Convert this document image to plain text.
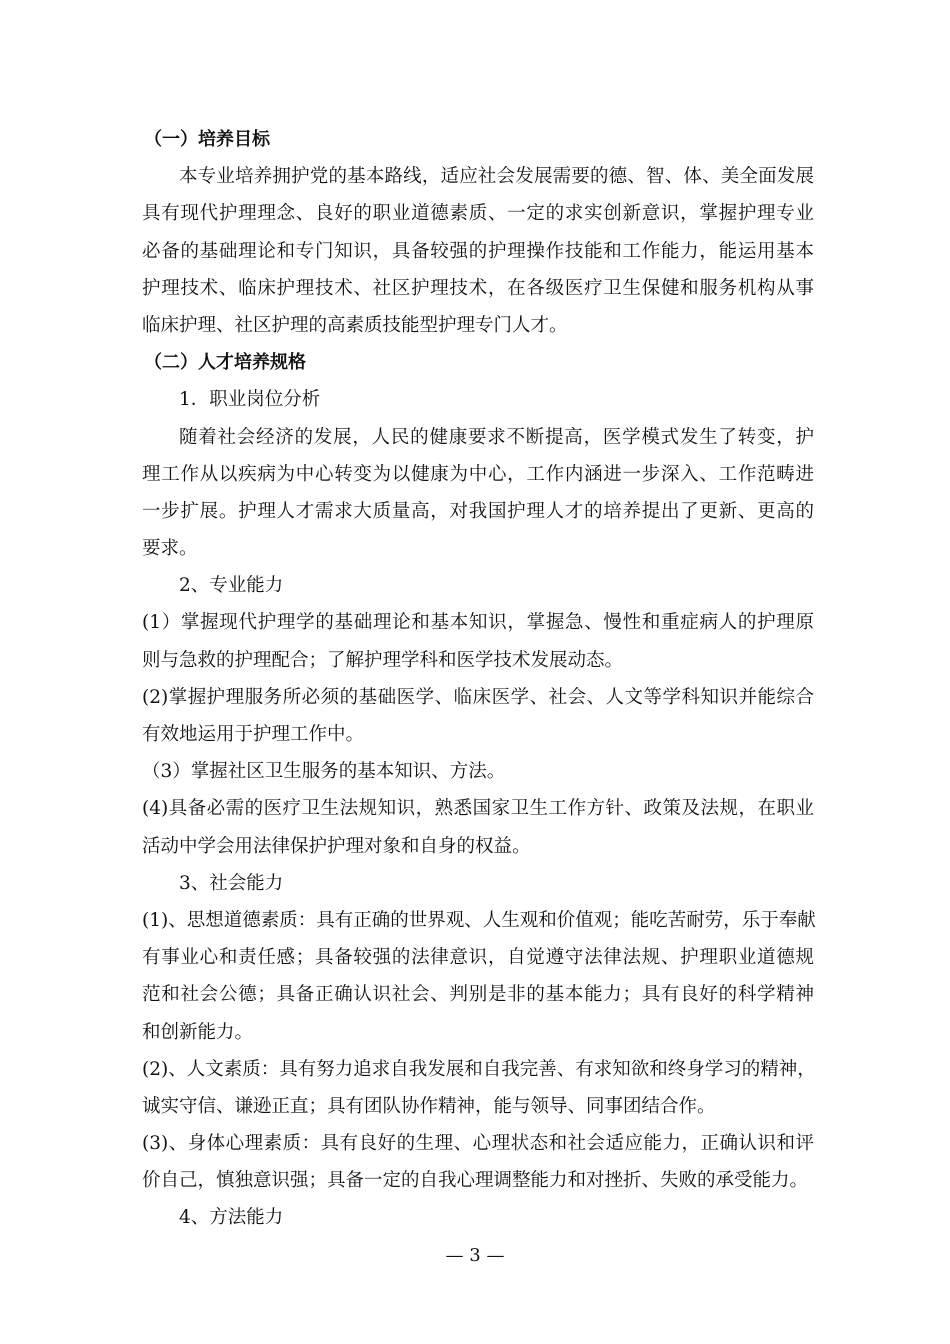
（一）培养目标
本专业培养拥护党的基本路线，适应社会发展需要的德、智、体、美全面发展
具有现代护理理念、良好的职业道德素质、一定的求实创新意识，掌握护理专业
必备的基础理论和专门知识，具备较强的护理操作技能和工作能力，能运用基本
护理技术、临床护理技术、社区护理技术，在各级医疗卫生保健和服务机构从事
临床护理、社区护理的高素质技能型护理专门人才。
（二）人才培养规格
1．职业岗位分析
随着社会经济的发展，人民的健康要求不断提高，医学模式发生了转变，护
理工作从以疾病为中心转变为以健康为中心，工作内涵进一步深入、工作范畴进
一步扩展。护理人才需求大质量高，对我国护理人才的培养提出了更新、更高的
要求。
2、专业能力
(1）掌握现代护理学的基础理论和基本知识，掌握急、慢性和重症病人的护理原
则与急救的护理配合；了解护理学科和医学技术发展动态。
(2)掌握护理服务所必须的基础医学、临床医学、社会、人文等学科知识并能综合
有效地运用于护理工作中。
（3）掌握社区卫生服务的基本知识、方法。
(4)具备必需的医疗卫生法规知识，熟悉国家卫生工作方针、政策及法规，在职业
活动中学会用法律保护护理对象和自身的权益。
3、社会能力
(1)、思想道德素质：具有正确的世界观、人生观和价值观；能吃苦耐劳，乐于奉献
有事业心和责任感；具备较强的法律意识，自觉遵守法律法规、护理职业道德规
范和社会公德；具备正确认识社会、判别是非的基本能力；具有良好的科学精神
和创新能力。
(2)、人文素质：具有努力追求自我发展和自我完善、有求知欲和终身学习的精神，
诚实守信、谦逊正直；具有团队协作精神，能与领导、同事团结合作。
(3)、身体心理素质：具有良好的生理、心理状态和社会适应能力，正确认识和评
价自己，慎独意识强；具备一定的自我心理调整能力和对挫折、失败的承受能力。
4、方法能力
— 3 —
